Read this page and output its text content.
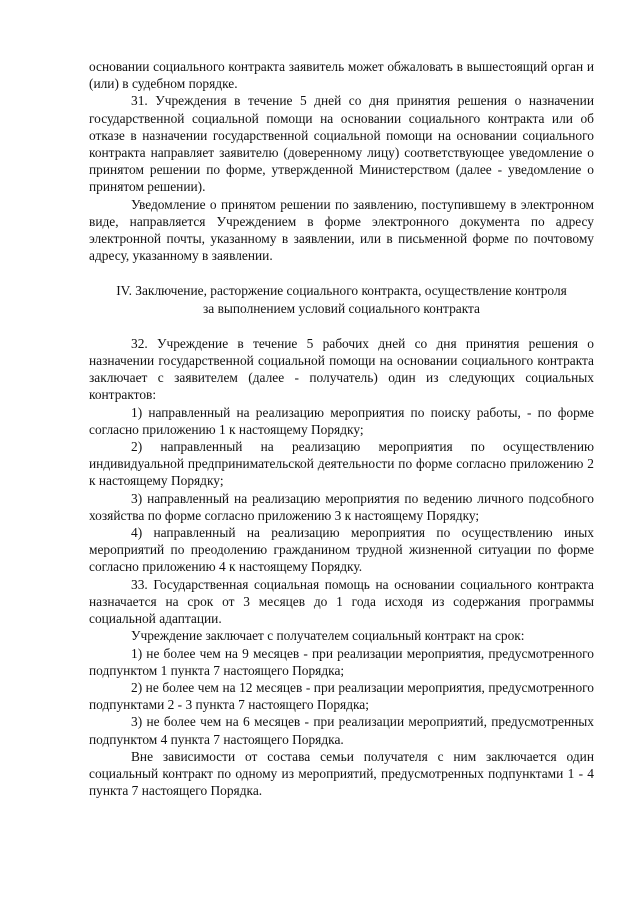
основании социального контракта заявитель может обжаловать в вышестоящий орган и (или) в судебном порядке.

31. Учреждения в течение 5 дней со дня принятия решения о назначении государственной социальной помощи на основании социального контракта или об отказе в назначении государственной социальной помощи на основании социального контракта направляет заявителю (доверенному лицу) соответствующее уведомление о принятом решении по форме, утвержденной Министерством (далее - уведомление о принятом решении).

Уведомление о принятом решении по заявлению, поступившему в электронном виде, направляется Учреждением в форме электронного документа по адресу электронной почты, указанному в заявлении, или в письменной форме по почтовому адресу, указанному в заявлении.

IV. Заключение, расторжение социального контракта, осуществление контроля за выполнением условий социального контракта

32. Учреждение в течение 5 рабочих дней со дня принятия решения о назначении государственной социальной помощи на основании социального контракта заключает с заявителем (далее - получатель) один из следующих социальных контрактов:

1) направленный на реализацию мероприятия по поиску работы, - по форме согласно приложению 1 к настоящему Порядку;

2) направленный на реализацию мероприятия по осуществлению индивидуальной предпринимательской деятельности по форме согласно приложению 2 к настоящему Порядку;

3) направленный на реализацию мероприятия по ведению личного подсобного хозяйства по форме согласно приложению 3 к настоящему Порядку;

4) направленный на реализацию мероприятия по осуществлению иных мероприятий по преодолению гражданином трудной жизненной ситуации по форме согласно приложению 4 к настоящему Порядку.

33. Государственная социальная помощь на основании социального контракта назначается на срок от 3 месяцев до 1 года исходя из содержания программы социальной адаптации.

Учреждение заключает с получателем социальный контракт на срок:

1) не более чем на 9 месяцев - при реализации мероприятия, предусмотренного подпунктом 1 пункта 7 настоящего Порядка;

2) не более чем на 12 месяцев - при реализации мероприятия, предусмотренного подпунктами 2 - 3 пункта 7 настоящего Порядка;

3) не более чем на 6 месяцев - при реализации мероприятий, предусмотренных подпунктом 4 пункта 7 настоящего Порядка.

Вне зависимости от состава семьи получателя с ним заключается один социальный контракт по одному из мероприятий, предусмотренных подпунктами 1 - 4 пункта 7 настоящего Порядка.
